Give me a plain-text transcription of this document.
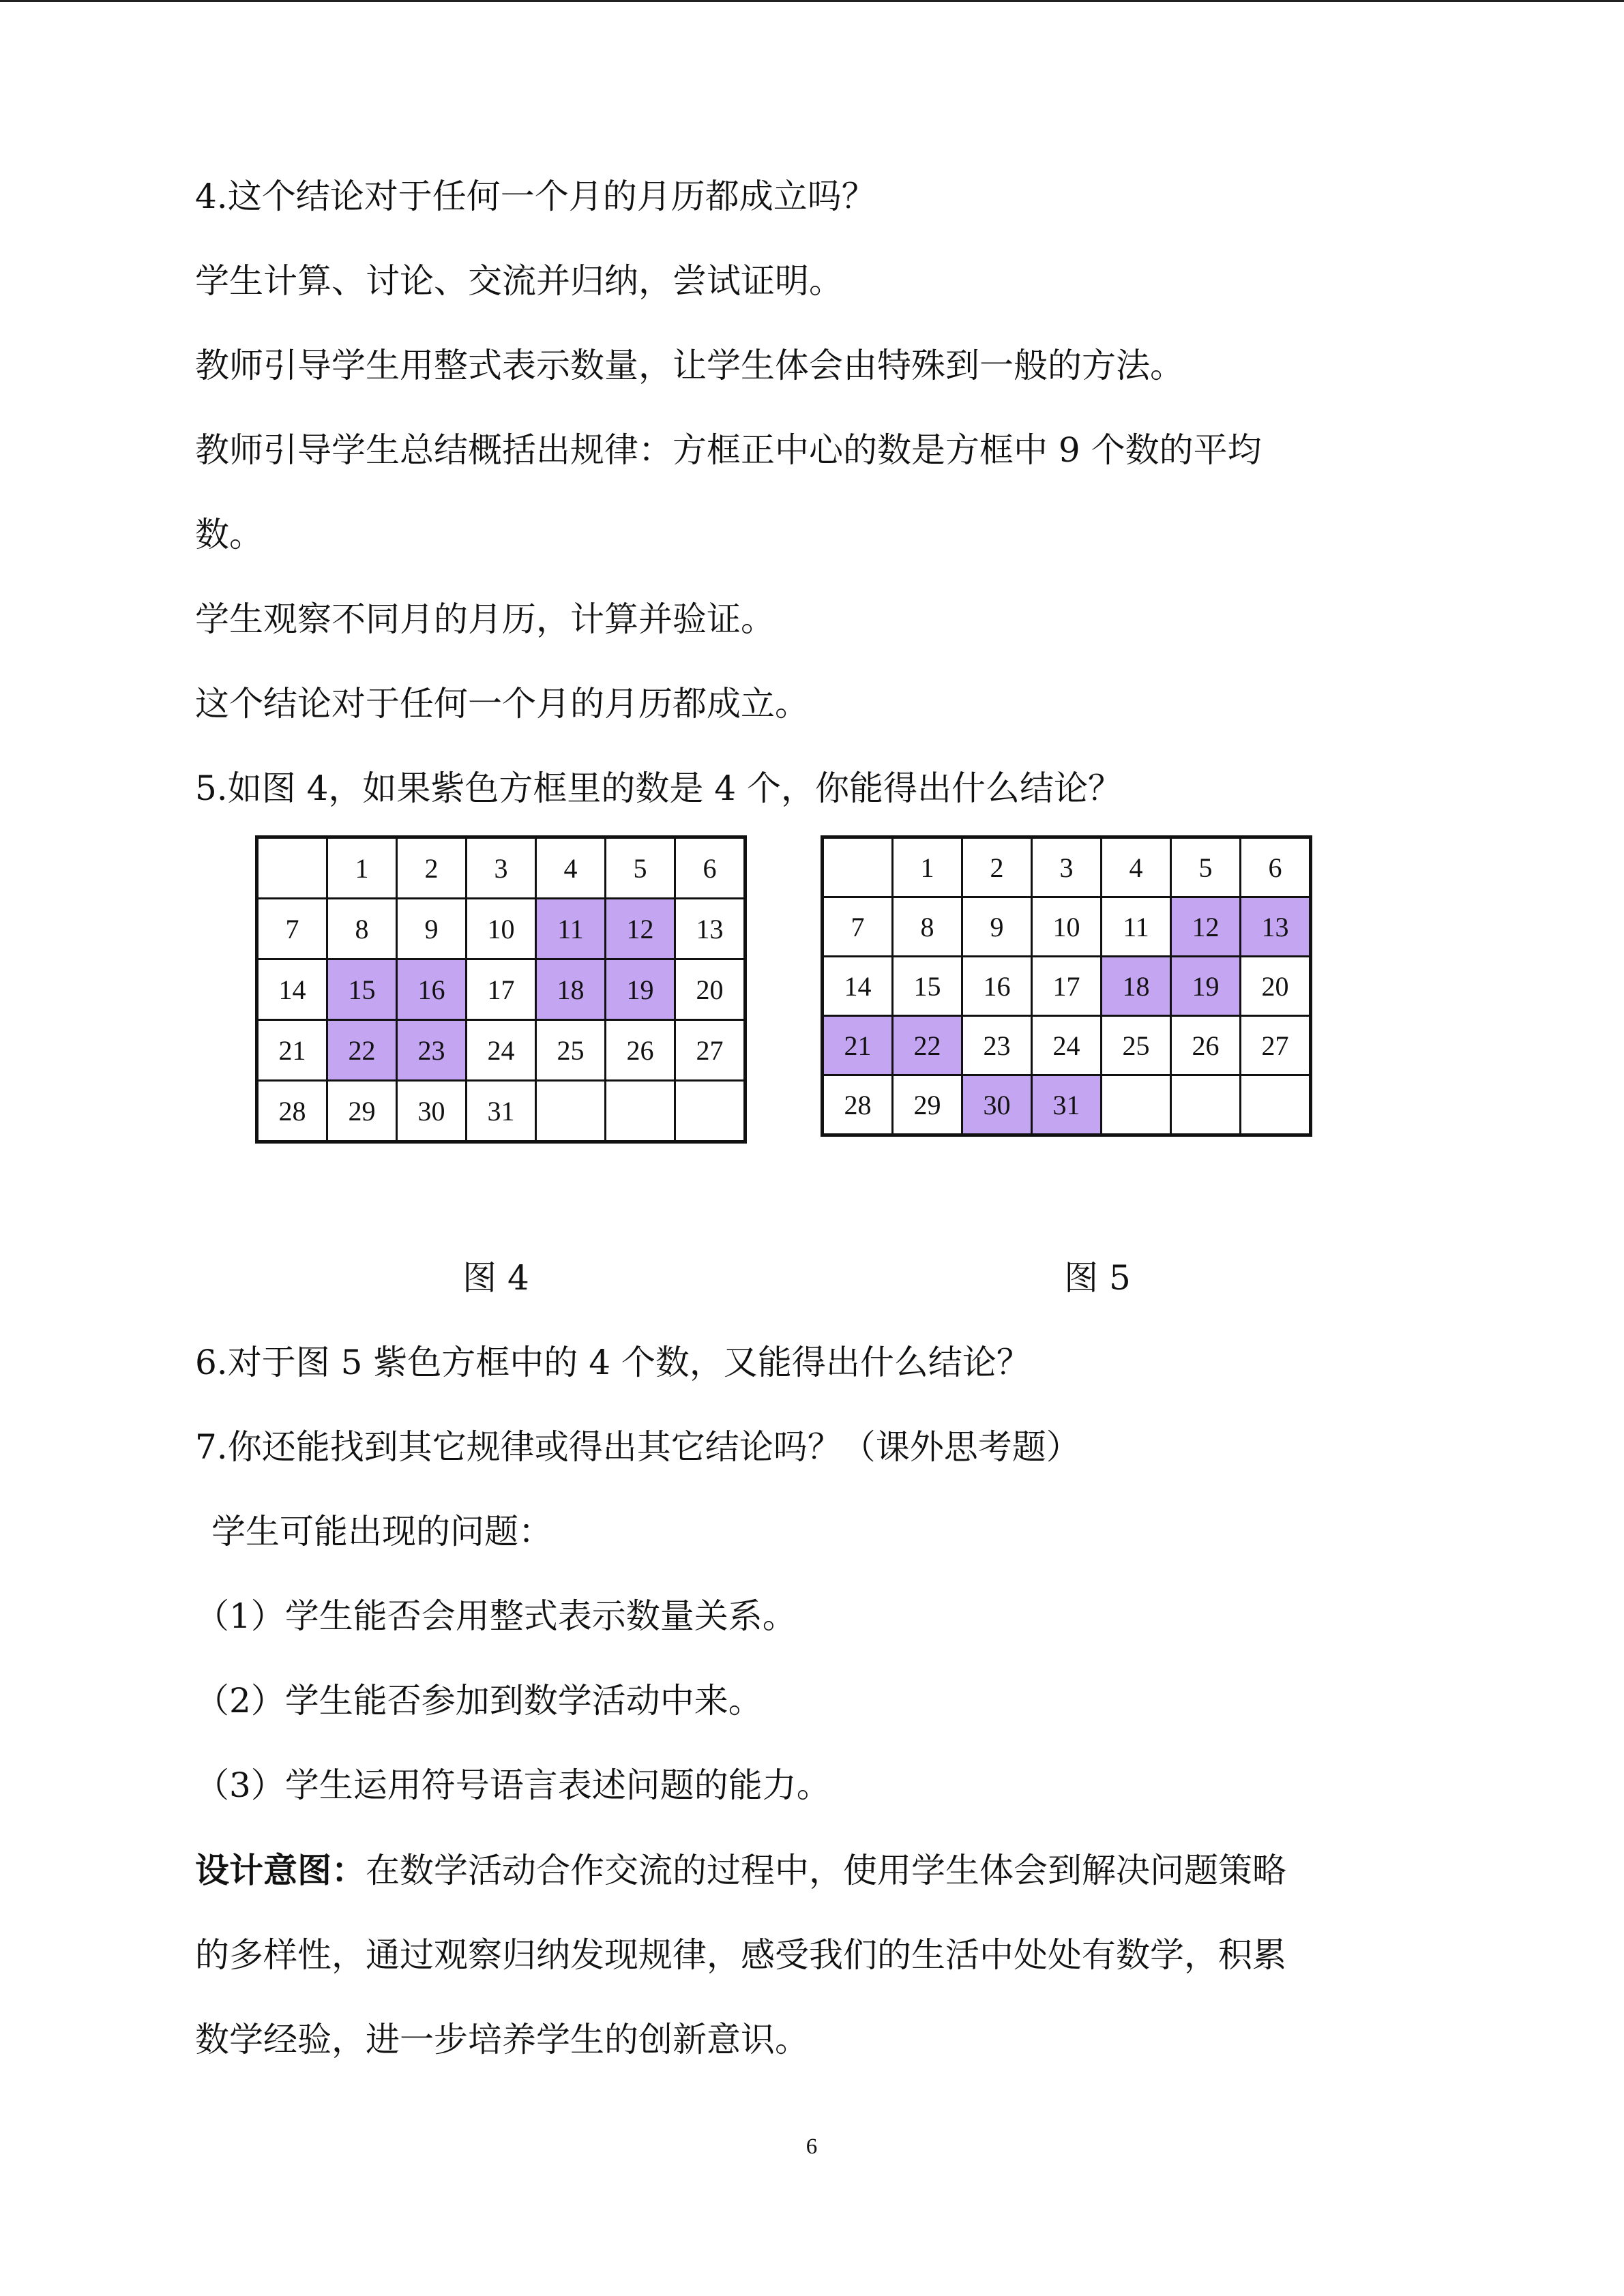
4.这个结论对于任何一个月的月历都成立吗？

学生计算、讨论、交流并归纳，尝试证明。

教师引导学生用整式表示数量，让学生体会由特殊到一般的方法。

教师引导学生总结概括出规律：方框正中心的数是方框中 9 个数的平均

数。

学生观察不同月的月历，计算并验证。

这个结论对于任何一个月的月历都成立。

5.如图 4，如果紫色方框里的数是 4 个，你能得出什么结论？

	1	2	3	4	5	6
7	8	9	10	11	12	13
14	15	16	17	18	19	20
21	22	23	24	25	26	27
28	29	30	31			
	1	2	3	4	5	6
7	8	9	10	11	12	13
14	15	16	17	18	19	20
21	22	23	24	25	26	27
28	29	30	31			
图 4	图 5

6.对于图 5 紫色方框中的 4 个数，又能得出什么结论？

7.你还能找到其它规律或得出其它结论吗？（课外思考题）

学生可能出现的问题：

（1）学生能否会用整式表示数量关系。

（2）学生能否参加到数学活动中来。

（3）学生运用符号语言表述问题的能力。

设计意图：在数学活动合作交流的过程中，使用学生体会到解决问题策略

的多样性，通过观察归纳发现规律，感受我们的生活中处处有数学，积累

数学经验，进一步培养学生的创新意识。

6
